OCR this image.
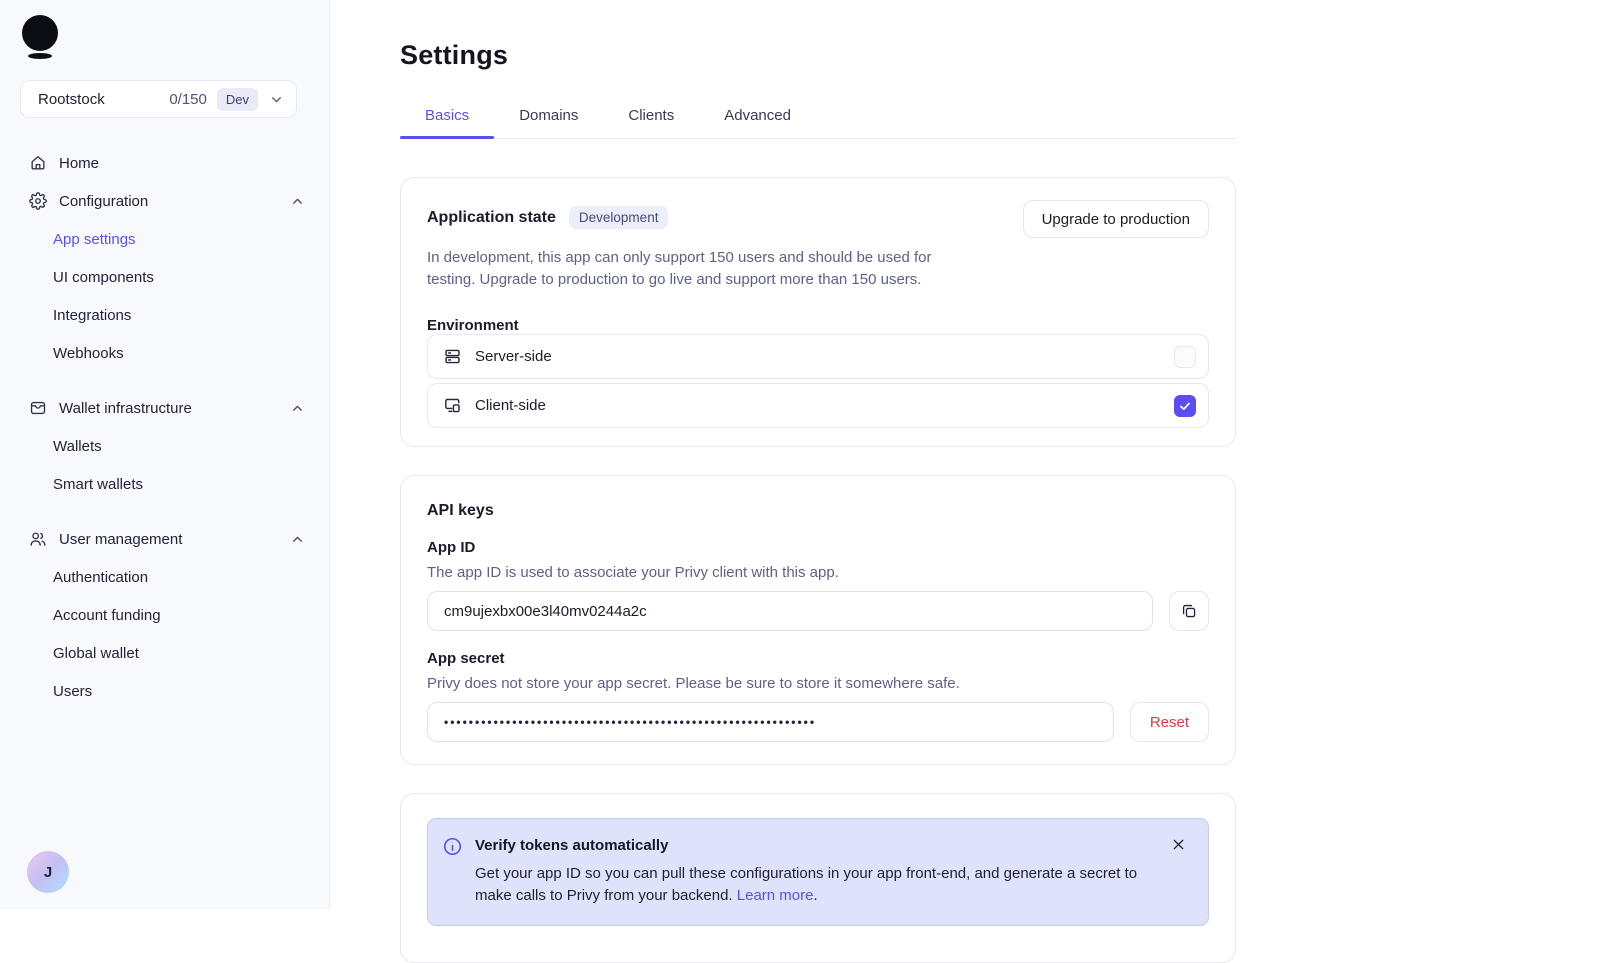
Rootstock	0/150	Dev
Home
Configuration
App settings
UI components
Integrations
Webhooks
Wallet infrastructure
Wallets
Smart wallets
User management
Authentication
Account funding
Global wallet
Users
J
Settings
Basics	Domains	Clients	Advanced
Application state	Development	Upgrade to production

In development, this app can only support 150 users and should be used for testing. Upgrade to production to go live and support more than 150 users.

Environment
Server-side
Client-side
API keys
App ID
The app ID is used to associate your Privy client with this app.
cm9ujexbx00e3l40mv0244a2c
App secret
Privy does not store your app secret. Please be sure to store it somewhere safe.
••••••••••••••••••••••••••••••••••••••••••••••••••••••••••••
Reset
Verify tokens automatically
Get your app ID so you can pull these configurations in your app front-end, and generate a secret to make calls to Privy from your backend. Learn more.
